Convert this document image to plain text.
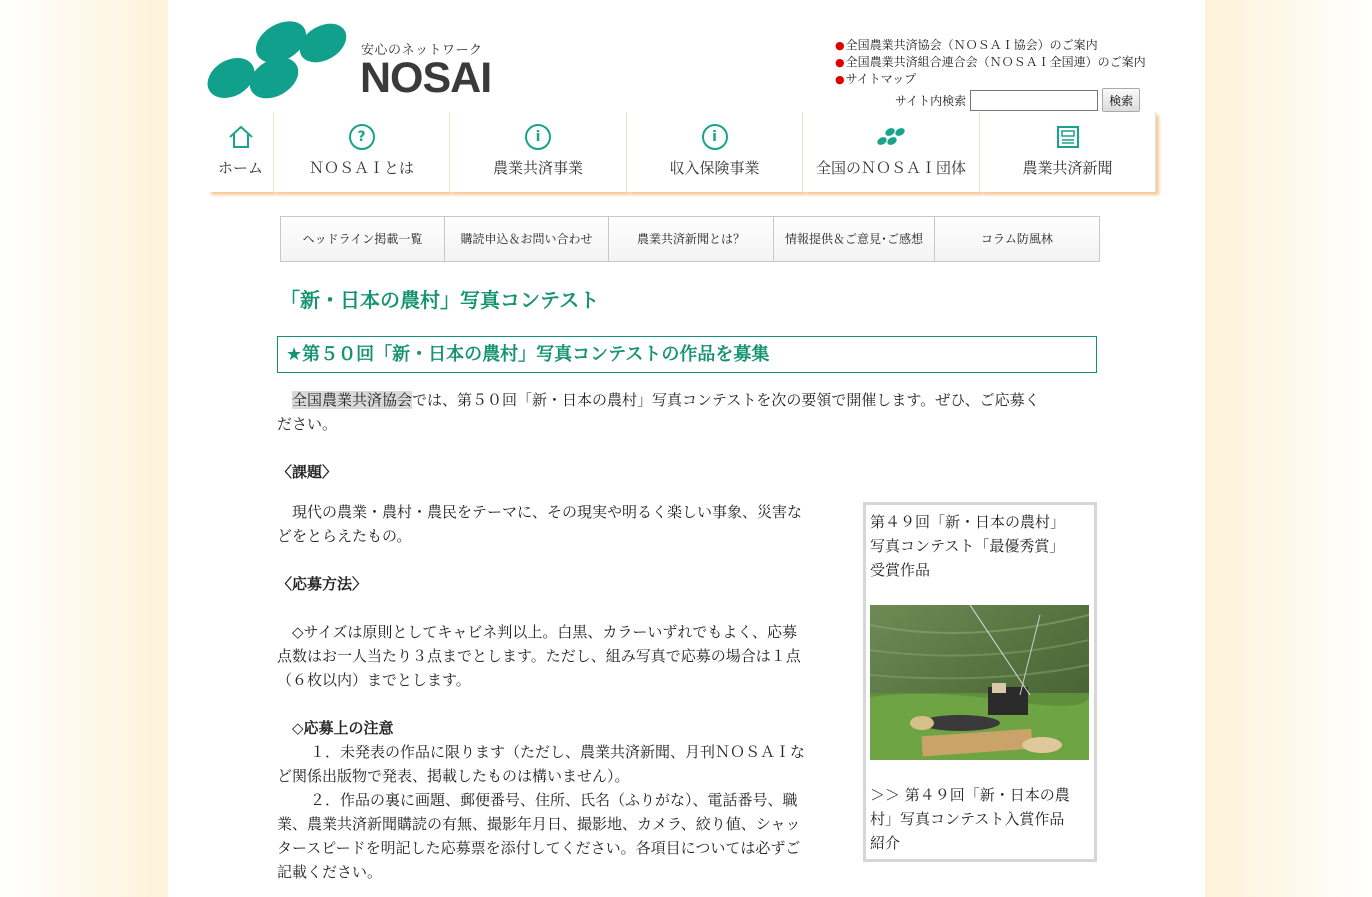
安心のネットワーク
NOSAI
●全国農業共済協会（ＮＯＳＡＩ協会）のご案内
●全国農業共済組合連合会（ＮＯＳＡＩ全国連）のご案内
●サイトマップ
サイト内検索	検索
ホーム
?
ＮＯＳＡＩとは
i
農業共済事業
i
収入保険事業	全国のＮＯＳＡＩ団体	農業共済新聞
ヘッドライン掲載一覧	購読申込＆お問い合わせ	農業共済新聞とは？	情報提供＆ご意見･ご感想	コラム防風林
「新・日本の農村」写真コンテスト
★第５０回「新・日本の農村」写真コンテストの作品を募集
全国農業共済協会では、第５０回「新・日本の農村」写真コンテストを次の要領で開催します。ぜひ、ご応募く
ださい。
〈課題〉
現代の農業・農村・農民をテーマに、その現実や明るく楽しい事象、災害な
どをとらえたもの。
〈応募方法〉
◇サイズは原則としてキャビネ判以上。白黒、カラーいずれでもよく、応募
点数はお一人当たり３点までとします。ただし、組み写真で応募の場合は１点
（６枚以内）までとします。
◇応募上の注意
１．未発表の作品に限ります（ただし、農業共済新聞、月刊ＮＯＳＡＩな
ど関係出版物で発表、掲載したものは構いません）。
２．作品の裏に画題、郵便番号、住所、氏名（ふりがな）、電話番号、職
業、農業共済新聞購読の有無、撮影年月日、撮影地、カメラ、絞り値、シャッ
タースピードを明記した応募票を添付してください。各項目については必ずご
記載ください。
第４９回「新・日本の農村」
写真コンテスト「最優秀賞」
受賞作品
＞＞ 第４９回「新・日本の農
村」写真コンテスト入賞作品
紹介
